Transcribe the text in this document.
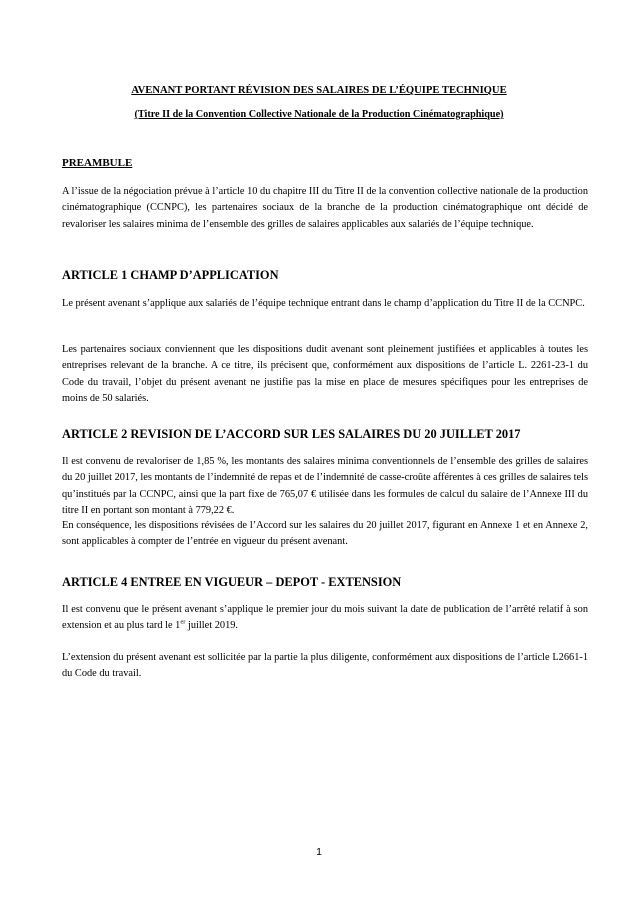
AVENANT PORTANT RÉVISION DES SALAIRES DE L’ÉQUIPE TECHNIQUE
(Titre II de la Convention Collective Nationale de la Production Cinématographique)

PREAMBULE

A l’issue de la négociation prévue à l’article 10 du chapitre III du Titre II de la convention collective nationale de la production cinématographique (CCNPC), les partenaires sociaux de la branche de la production cinématographique ont décidé de revaloriser les salaires minima de l’ensemble des grilles de salaires applicables aux salariés de l’équipe technique.

ARTICLE 1 CHAMP D’APPLICATION

Le présent avenant s’applique aux salariés de l’équipe technique entrant dans le champ d’application du Titre II de la CCNPC.

Les partenaires sociaux conviennent que les dispositions dudit avenant sont pleinement justifiées et applicables à toutes les entreprises relevant de la branche. A ce titre, ils précisent que, conformément aux dispositions de l’article L. 2261-23-1 du Code du travail, l’objet du présent avenant ne justifie pas la mise en place de mesures spécifiques pour les entreprises de moins de 50 salariés.

ARTICLE 2 REVISION DE L’ACCORD SUR LES SALAIRES DU 20 JUILLET 2017

Il est convenu de revaloriser de 1,85 %, les montants des salaires minima conventionnels de l’ensemble des grilles de salaires du 20 juillet 2017, les montants de l’indemnité de repas et de l’indemnité de casse-croûte afférentes à ces grilles de salaires tels qu’institués par la CCNPC, ainsi que la part fixe de 765,07 € utilisée dans les formules de calcul du salaire de l’Annexe III du titre II en portant son montant à 779,22 €.

En conséquence, les dispositions révisées de l’Accord sur les salaires du 20 juillet 2017, figurant en Annexe 1 et en Annexe 2, sont applicables à compter de l’entrée en vigueur du présent avenant.

ARTICLE 4 ENTREE EN VIGUEUR – DEPOT - EXTENSION

Il est convenu que le présent avenant s’applique le premier jour du mois suivant la date de publication de l’arrêté relatif à son extension et au plus tard le 1er juillet 2019.

L’extension du présent avenant est sollicitée par la partie la plus diligente, conformément aux dispositions de l’article L2661-1 du Code du travail.

1
